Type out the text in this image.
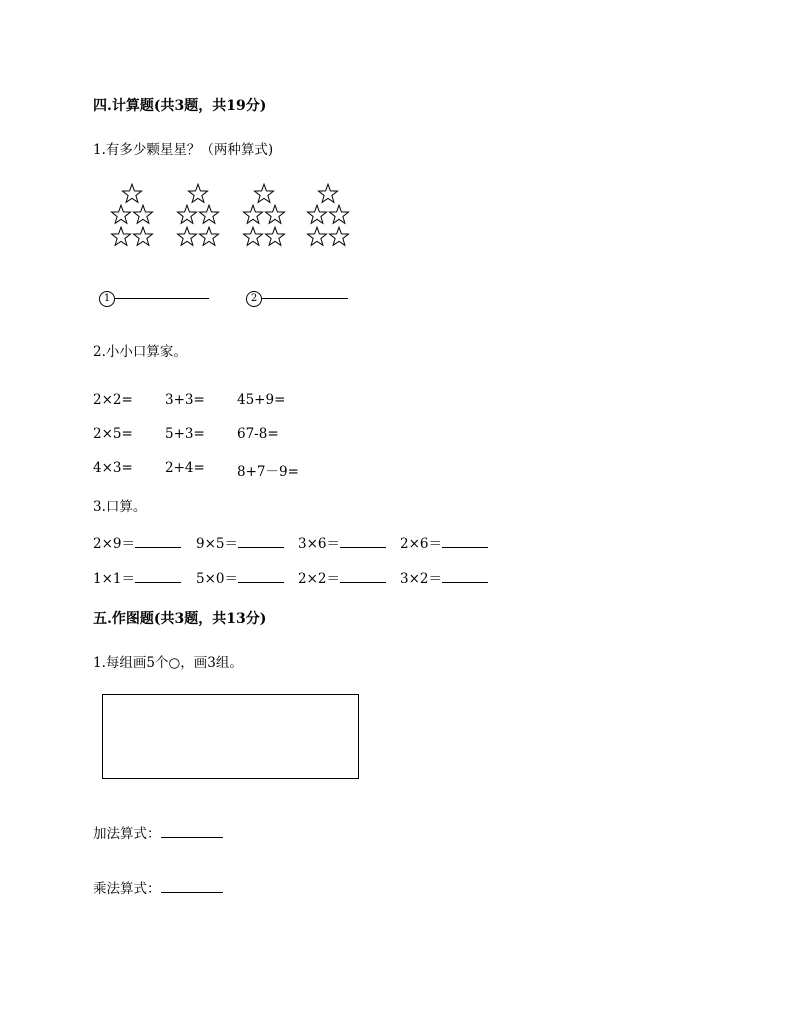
四.计算题(共3题，共19分)
1.有多少颗星星？（两种算式)
1	2
2.小小口算家。
2×2= 3+3= 45+9=
2×5= 5+3= 67-8=
4×3= 2+4= 8+7－9=
3.口算。
2×9＝	9×5＝	3×6＝	2×6＝
1×1＝	5×0＝	2×2＝	3×2＝
五.作图题(共3题，共13分)
1.每组画5个○，画3组。
加法算式：
乘法算式：
